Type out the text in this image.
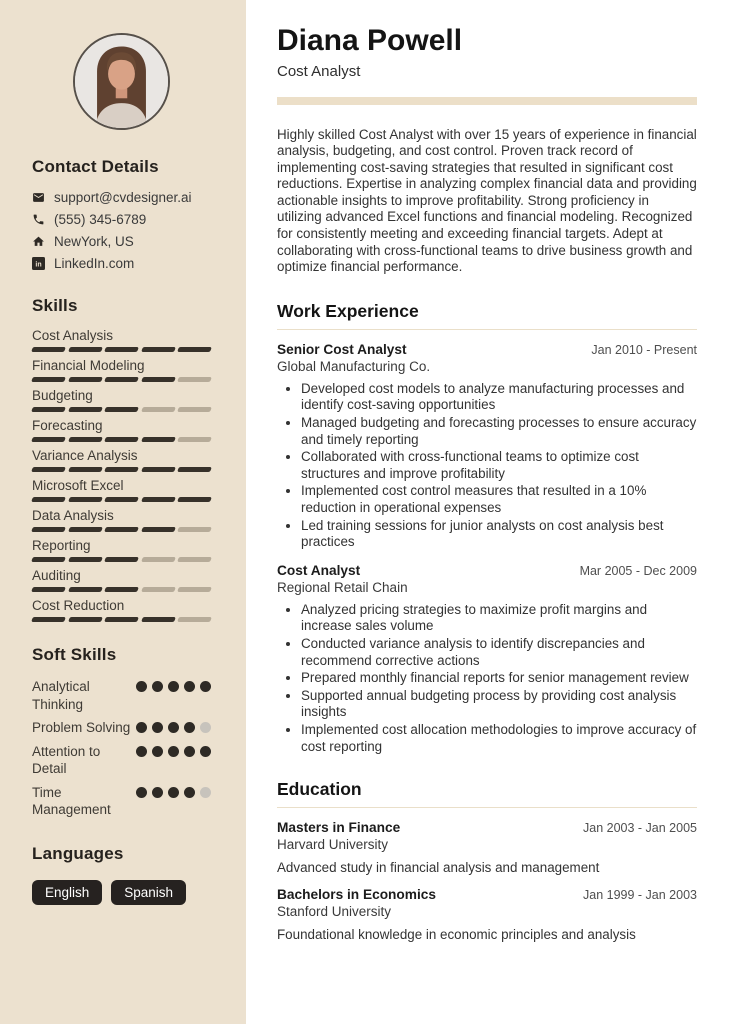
Contact Details
support@cvdesigner.ai
(555) 345-6789
NewYork, US
in LinkedIn.com
Skills
Cost Analysis
Financial Modeling
Budgeting
Forecasting
Variance Analysis
Microsoft Excel
Data Analysis
Reporting
Auditing
Cost Reduction
Soft Skills
Analytical Thinking
Problem Solving
Attention to Detail
Time Management
Languages
English	Spanish
Diana Powell
Cost Analyst

Highly skilled Cost Analyst with over 15 years of experience in financial analysis, budgeting, and cost control. Proven track record of implementing cost-saving strategies that resulted in significant cost reductions. Expertise in analyzing complex financial data and providing actionable insights to improve profitability. Strong proficiency in utilizing advanced Excel functions and financial modeling. Recognized for consistently meeting and exceeding financial targets. Adept at collaborating with cross-functional teams to drive business growth and optimize financial performance.

Work Experience
Senior Cost Analyst	Jan 2010 - Present
Global Manufacturing Co.
• Developed cost models to analyze manufacturing processes and identify cost-saving opportunities
• Managed budgeting and forecasting processes to ensure accuracy and timely reporting
• Collaborated with cross-functional teams to optimize cost structures and improve profitability
• Implemented cost control measures that resulted in a 10% reduction in operational expenses
• Led training sessions for junior analysts on cost analysis best practices
Cost Analyst	Mar 2005 - Dec 2009
Regional Retail Chain
• Analyzed pricing strategies to maximize profit margins and increase sales volume
• Conducted variance analysis to identify discrepancies and recommend corrective actions
• Prepared monthly financial reports for senior management review
• Supported annual budgeting process by providing cost analysis insights
• Implemented cost allocation methodologies to improve accuracy of cost reporting
Education
Masters in Finance	Jan 2003 - Jan 2005
Harvard University
Advanced study in financial analysis and management
Bachelors in Economics	Jan 1999 - Jan 2003
Stanford University
Foundational knowledge in economic principles and analysis
